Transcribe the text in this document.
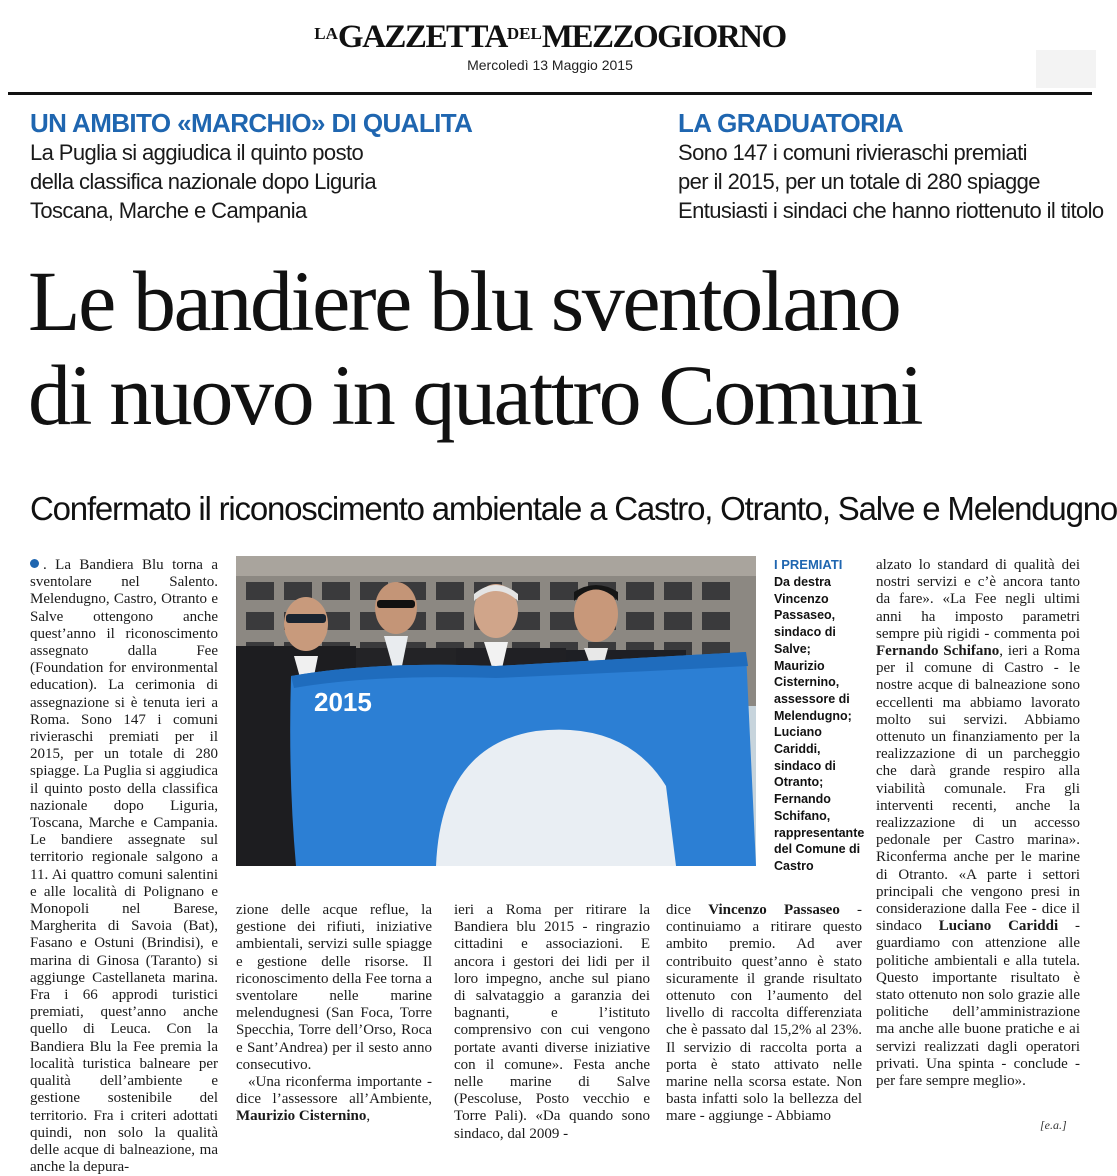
$^{LA}GAZZETTA^{DEL}MEZZOGIORNO$
Mercoledì 13 Maggio 2015
UN AMBITO «MARCHIO» DI QUALITA
La Puglia si aggiudica il quinto posto
della classifica nazionale dopo Liguria
Toscana, Marche e Campania
LA GRADUATORIA
Sono 147 i comuni rivieraschi premiati
per il 2015, per un totale di 280 spiagge
Entusiasti i sindaci che hanno riottenuto il titolo
Le bandiere blu sventolano
di nuovo in quattro Comuni
Confermato il riconoscimento ambientale a Castro, Otranto, Salve e Melendugno
. La Bandiera Blu torna a sventolare nel Salento. Melendugno, Castro, Otranto e Salve ottengono anche quest’anno il riconoscimento assegnato dalla Fee (Foundation for environmental education). La cerimonia di assegnazione si è tenuta ieri a Roma. Sono 147 i comuni rivieraschi premiati per il 2015, per un totale di 280 spiagge. La Puglia si aggiudica il quinto posto della classifica nazionale dopo Liguria, Toscana, Marche e Campania. Le bandiere assegnate sul territorio regionale salgono a 11. Ai quattro comuni salentini e alle località di Polignano e Monopoli nel Barese, Margherita di Savoia (Bat), Fasano e Ostuni (Brindisi), e marina di Ginosa (Taranto) si aggiunge Castellaneta marina. Fra i 66 approdi turistici premiati, quest’anno anche quello di Leuca. Con la Bandiera Blu la Fee premia la località turistica balneare per qualità dell’ambiente e gestione sostenibile del territorio. Fra i criteri adottati quindi, non solo la qualità delle acque di balneazione, ma anche la depura-
2015
I PREMIATI
Da destra Vincenzo Passaseo, sindaco di Salve; Maurizio Cisternino, assessore di Melendugno; Luciano Cariddi, sindaco di Otranto; Fernando Schifano, rappresentante del Comune di Castro
zione delle acque reflue, la gestione dei rifiuti, iniziative ambientali, servizi sulle spiagge e gestione delle risorse. Il riconoscimento della Fee torna a sventolare nelle marine melendugnesi (San Foca, Torre Specchia, Torre dell’Orso, Roca e Sant’Andrea) per il sesto anno consecutivo.
«Una riconferma importante - dice l’assessore all’Ambiente, Maurizio Cisternino,
ieri a Roma per ritirare la Bandiera blu 2015 - ringrazio cittadini e associazioni. E ancora i gestori dei lidi per il loro impegno, anche sul piano di salvataggio a garanzia dei bagnanti, e l’istituto comprensivo con cui vengono portate avanti diverse iniziative con il comune». Festa anche nelle marine di Salve (Pescoluse, Posto vecchio e Torre Pali). «Da quando sono sindaco, dal 2009 -
dice Vincenzo Passaseo - continuiamo a ritirare questo ambito premio. Ad aver contribuito quest’anno è stato sicuramente il grande risultato ottenuto con l’aumento del livello di raccolta differenziata che è passato dal 15,2% al 23%. Il servizio di raccolta porta a porta è stato attivato nelle marine nella scorsa estate. Non basta infatti solo la bellezza del mare - aggiunge - Abbiamo
alzato lo standard di qualità dei nostri servizi e c’è ancora tanto da fare». «La Fee negli ultimi anni ha imposto parametri sempre più rigidi - commenta poi Fernando Schifano, ieri a Roma per il comune di Castro - le nostre acque di balneazione sono eccellenti ma abbiamo lavorato molto sui servizi. Abbiamo ottenuto un finanziamento per la realizzazione di un parcheggio che darà grande respiro alla viabilità comunale. Fra gli interventi recenti, anche la realizzazione di un accesso pedonale per Castro marina». Riconferma anche per le marine di Otranto. «A parte i settori principali che vengono presi in considerazione dalla Fee - dice il sindaco Luciano Cariddi - guardiamo con attenzione alle politiche ambientali e alla tutela. Questo importante risultato è stato ottenuto non solo grazie alle politiche dell’amministrazione ma anche alle buone pratiche e ai servizi realizzati dagli operatori privati. Una spinta - conclude - per fare sempre meglio».
[e.a.]
